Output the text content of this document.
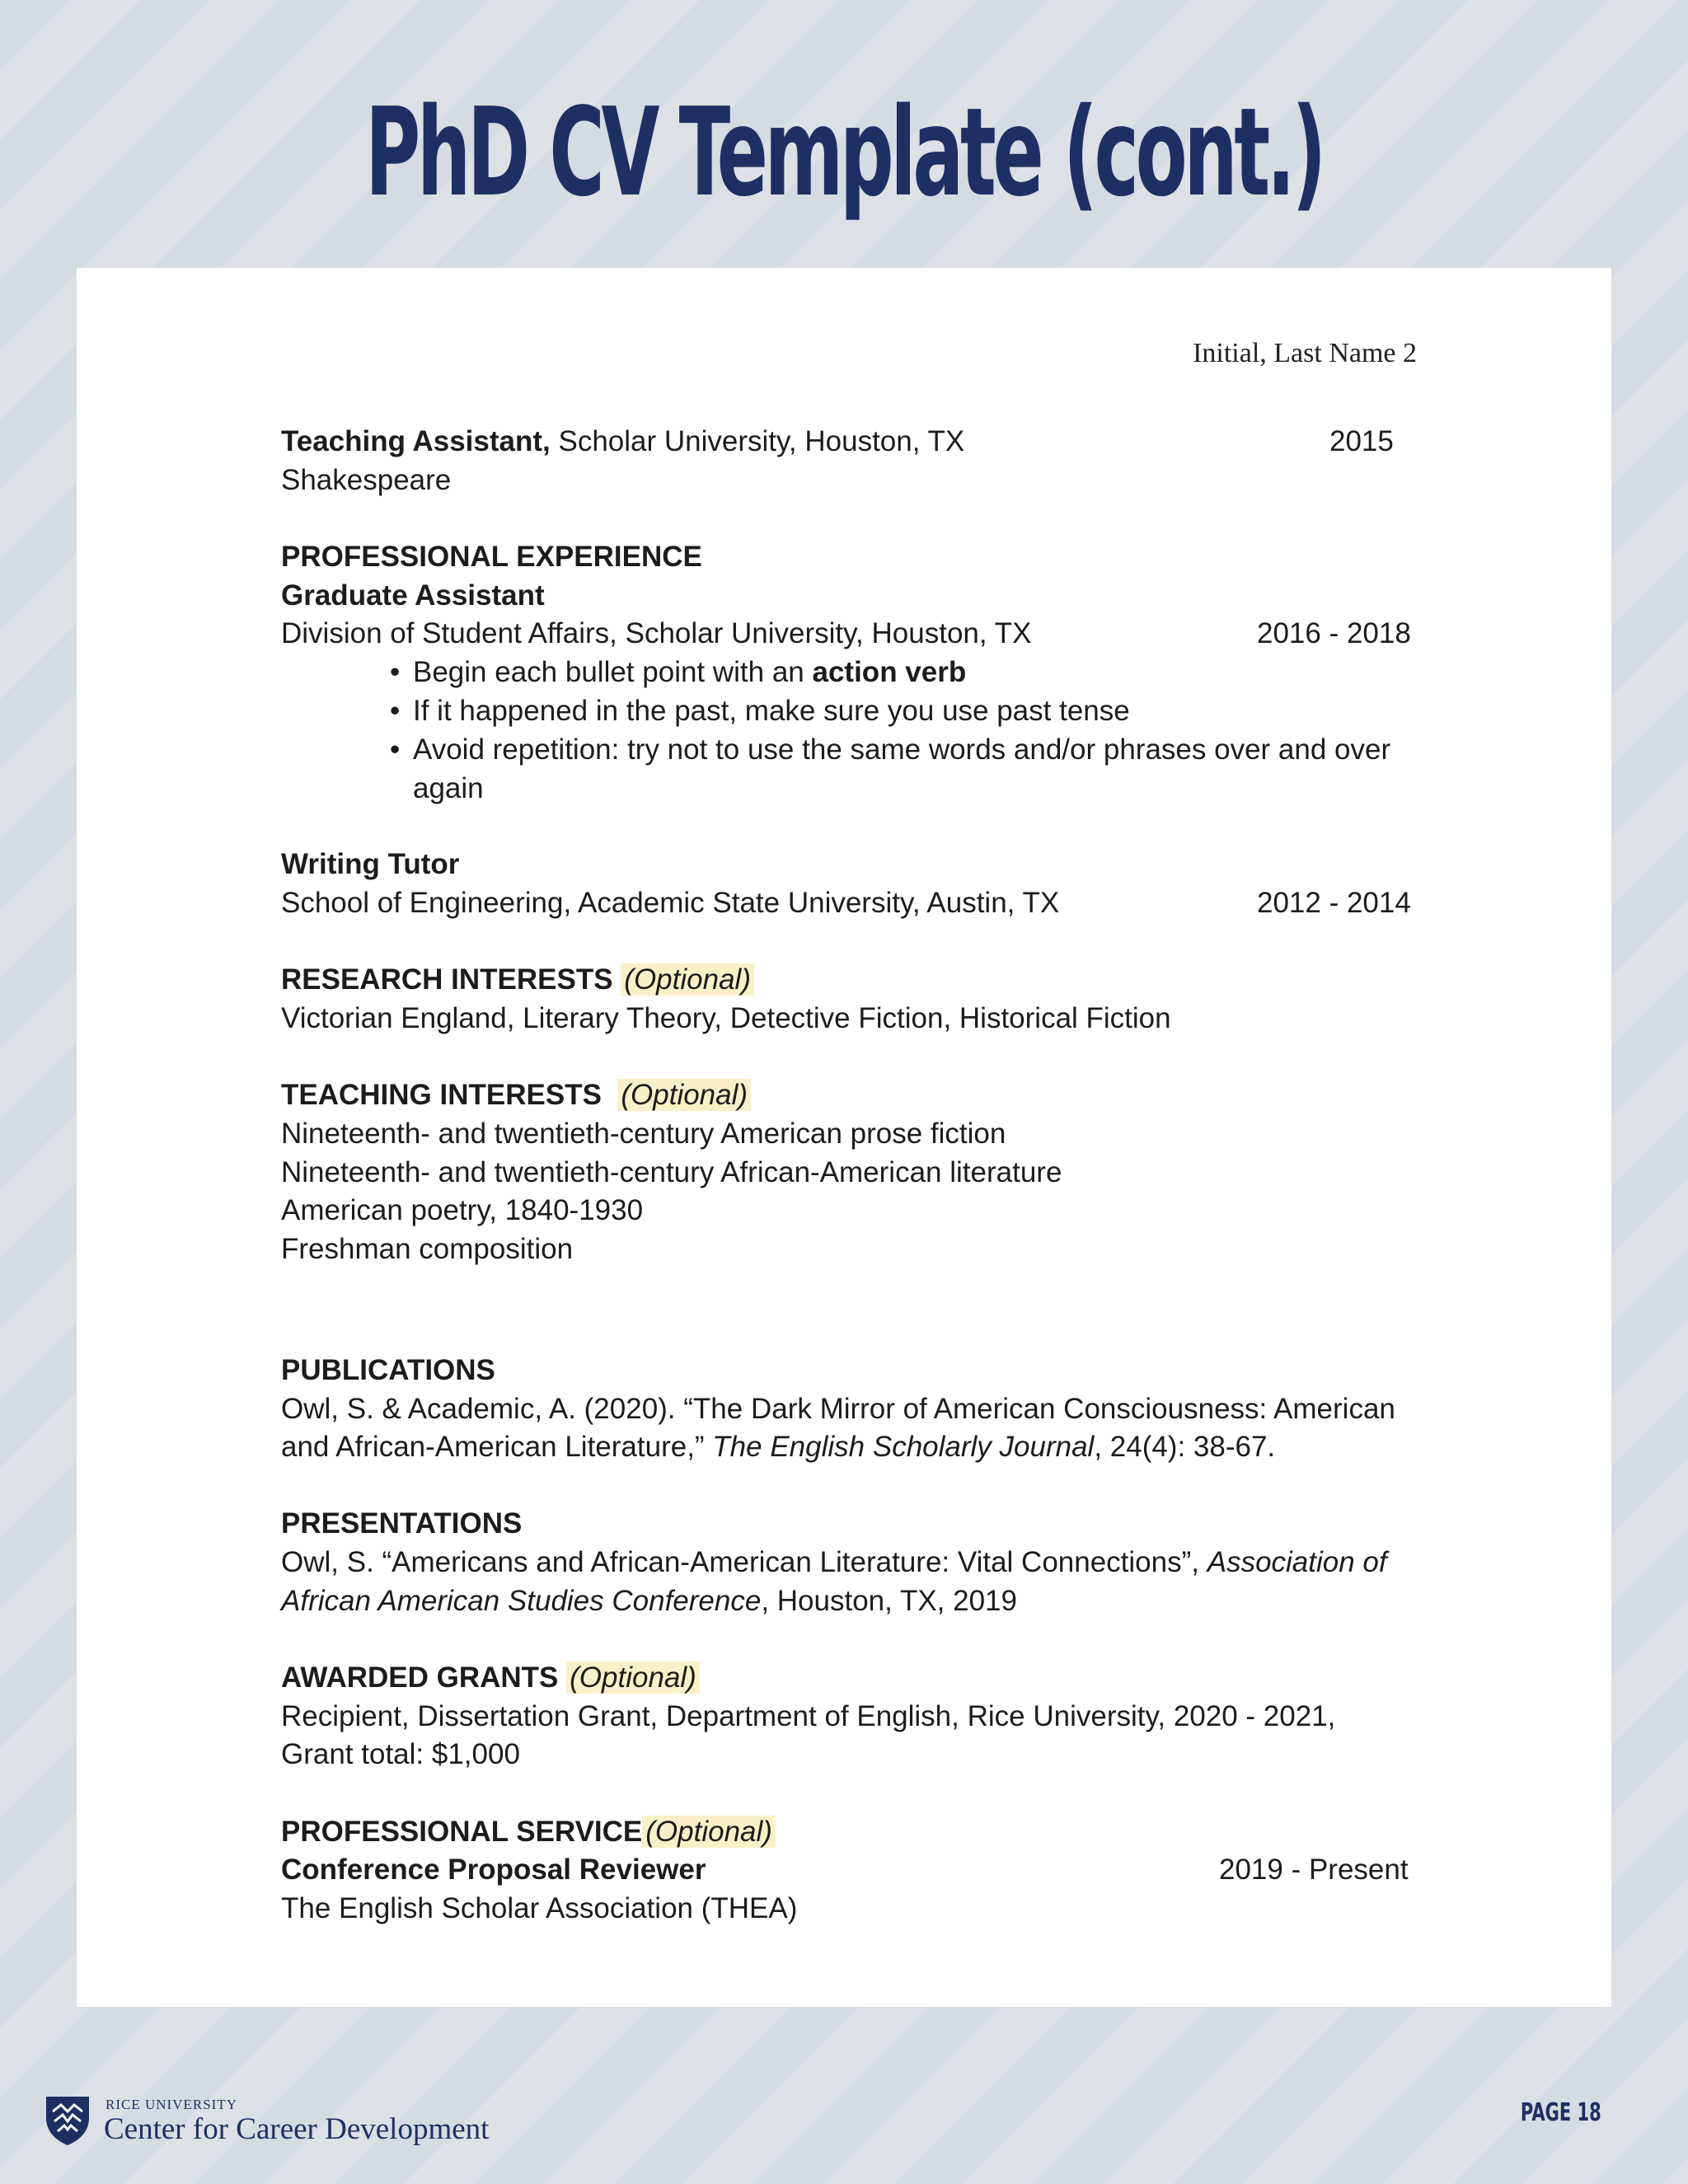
PhD CV Template (cont.)
Initial, Last Name 2
Teaching Assistant, Scholar University, Houston, TX	2015
Shakespeare
PROFESSIONAL EXPERIENCE
Graduate Assistant
Division of Student Affairs, Scholar University, Houston, TX	2016 - 2018
• Begin each bullet point with an action verb
• If it happened in the past, make sure you use past tense
• Avoid repetition: try not to use the same words and/or phrases over and over
again
Writing Tutor
School of Engineering, Academic State University, Austin, TX	2012 - 2014
RESEARCH INTERESTS (Optional)
Victorian England, Literary Theory, Detective Fiction, Historical Fiction
TEACHING INTERESTS (Optional)
Nineteenth- and twentieth-century American prose fiction
Nineteenth- and twentieth-century African-American literature
American poetry, 1840-1930
Freshman composition
PUBLICATIONS
Owl, S. & Academic, A. (2020). “The Dark Mirror of American Consciousness: American
and African-American Literature,” The English Scholarly Journal, 24(4): 38-67.
PRESENTATIONS
Owl, S. “Americans and African-American Literature: Vital Connections”, Association of
African American Studies Conference, Houston, TX, 2019
AWARDED GRANTS (Optional)
Recipient, Dissertation Grant, Department of English, Rice University, 2020 - 2021,
Grant total: $1,000
PROFESSIONAL SERVICE (Optional)
Conference Proposal Reviewer	2019 - Present
The English Scholar Association (THEA)
RICE UNIVERSITY
Center for Career Development	PAGE 18
